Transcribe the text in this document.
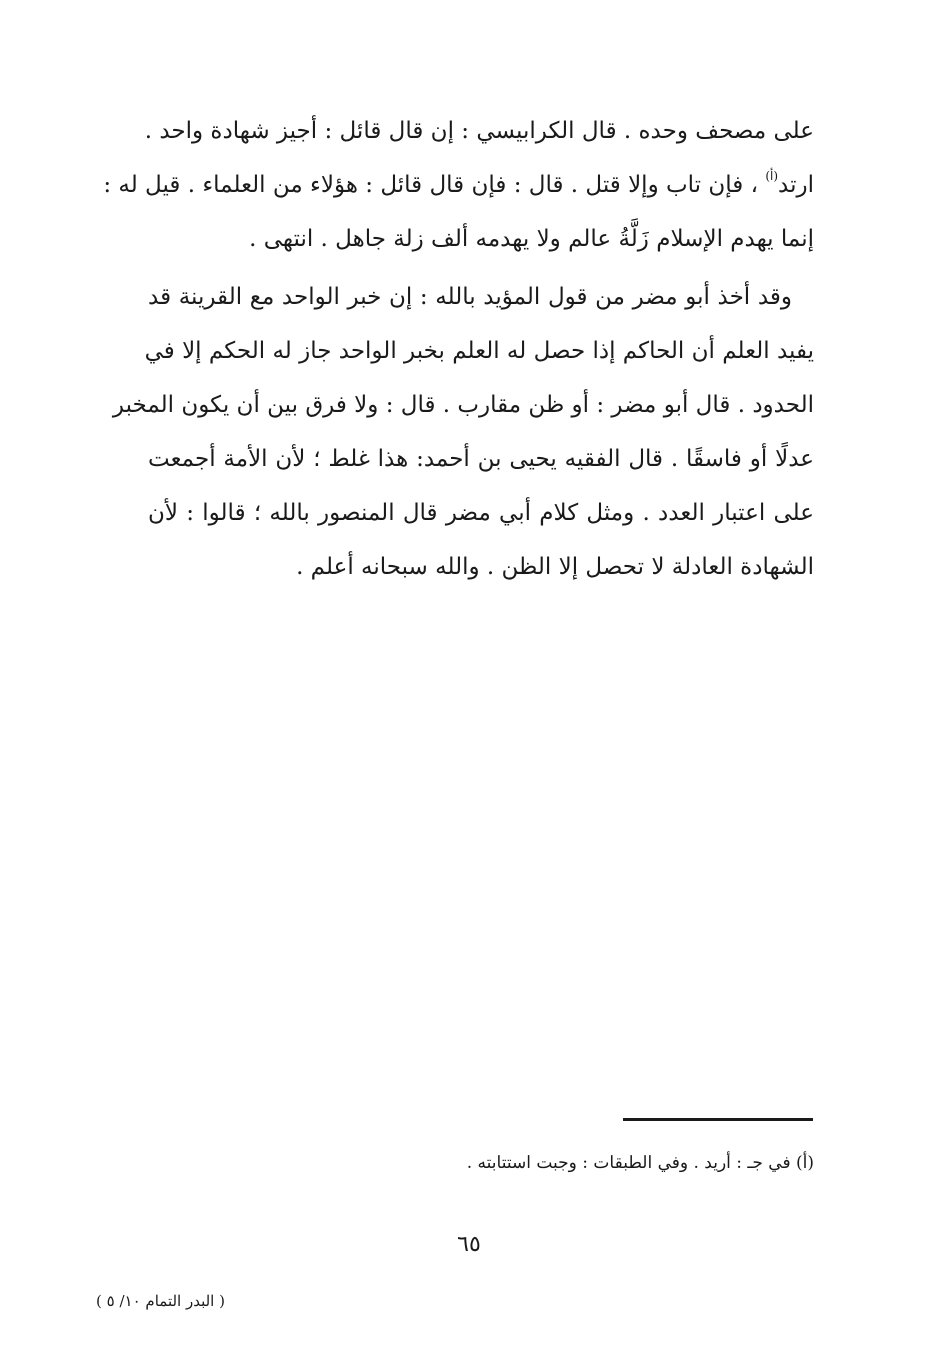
على مصحف وحده . قال الكرابيسي : إن قال قائل : أجيز شهادة واحد .
ارتد$^{(أ)}$ ، فإن تاب وإلا قتل . قال : فإن قال قائل : هؤلاء من العلماء . قيل له :
إنما يهدم الإسلام زَلَّةُ عالم ولا يهدمه ألف زلة جاهل . انتهى .
وقد أخذ أبو مضر من قول المؤيد بالله : إن خبر الواحد مع القرينة قد
يفيد العلم أن الحاكم إذا حصل له العلم بخبر الواحد جاز له الحكم إلا في
الحدود . قال أبو مضر : أو ظن مقارب . قال : ولا فرق بين أن يكون المخبر
عدلًا أو فاسقًا . قال الفقيه يحيى بن أحمد: هذا غلط ؛ لأن الأمة أجمعت
على اعتبار العدد . ومثل كلام أبي مضر قال المنصور بالله ؛ قالوا : لأن
الشهادة العادلة لا تحصل إلا الظن . والله سبحانه أعلم .
(أ) في جـ : أريد . وفي الطبقات : وجبت استتابته .
٦٥
( البدر التمام ١٠/ ٥ )
